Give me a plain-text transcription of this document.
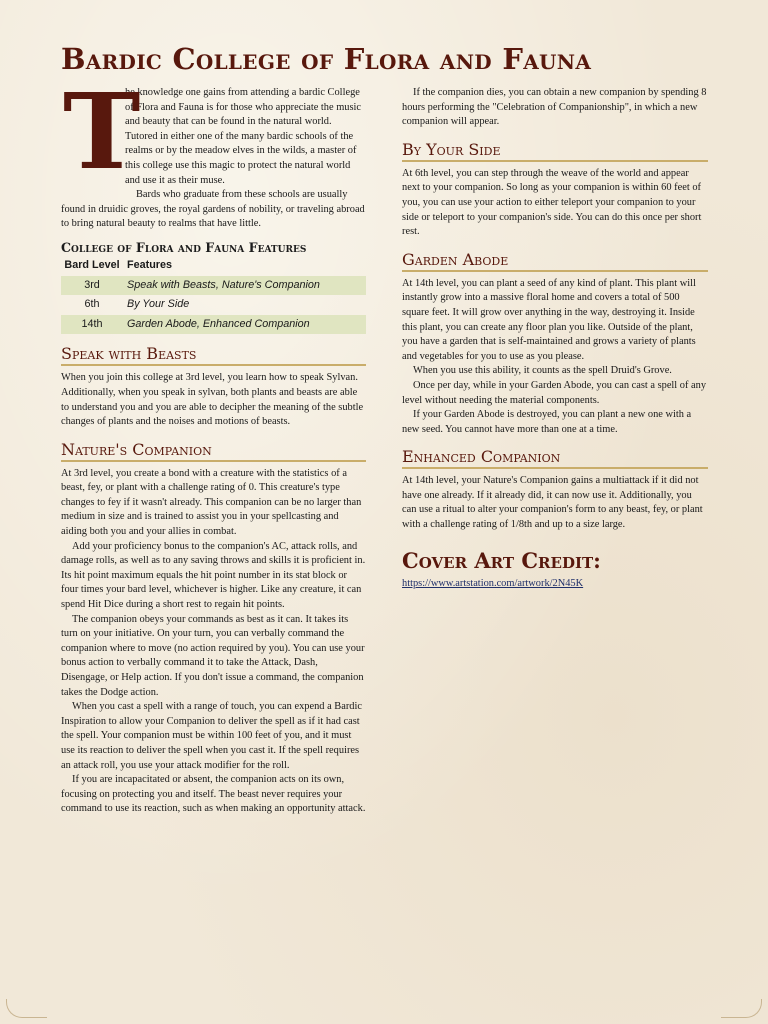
Bardic College of Flora and Fauna
T

he knowledge one gains from attending a bardic College of Flora and Fauna is for those who appreciate the music and beauty that can be found in the natural world. Tutored in either one of the many bardic schools of the realms or by the meadow elves in the wilds, a master of this college use this magic to protect the natural world and use it as their muse.

Bards who graduate from these schools are usually found in druidic groves, the royal gardens of nobility, or traveling abroad to bring natural beauty to realms that have little.

College of Flora and Fauna Features
Bard Level	Features
3rd	Speak with Beasts, Nature's Companion
6th	By Your Side
14th	Garden Abode, Enhanced Companion
Speak with Beasts

When you join this college at 3rd level, you learn how to speak Sylvan. Additionally, when you speak in sylvan, both plants and beasts are able to understand you and you are able to decipher the meaning of the subtle changes of plants and the noises and motions of beasts.

Nature's Companion

At 3rd level, you create a bond with a creature with the statistics of a beast, fey, or plant with a challenge rating of 0. This creature's type changes to fey if it wasn't already. This companion can be no larger than medium in size and is trained to assist you in your spellcasting and aiding both you and your allies in combat.

Add your proficiency bonus to the companion's AC, attack rolls, and damage rolls, as well as to any saving throws and skills it is proficient in. Its hit point maximum equals the hit point number in its stat block or four times your bard level, whichever is higher. Like any creature, it can spend Hit Dice during a short rest to regain hit points.

The companion obeys your commands as best as it can. It takes its turn on your initiative. On your turn, you can verbally command the companion where to move (no action required by you). You can use your bonus action to verbally command it to take the Attack, Dash, Disengage, or Help action. If you don't issue a command, the companion takes the Dodge action.

When you cast a spell with a range of touch, you can expend a Bardic Inspiration to allow your Companion to deliver the spell as if it had cast the spell. Your companion must be within 100 feet of you, and it must use its reaction to deliver the spell when you cast it. If the spell requires an attack roll, you use your attack modifier for the roll.

If you are incapacitated or absent, the companion acts on its own, focusing on protecting you and itself. The beast never requires your command to use its reaction, such as when making an opportunity attack.

If the companion dies, you can obtain a new companion by spending 8 hours performing the "Celebration of Companionship", in which a new companion will appear.

By Your Side

At 6th level, you can step through the weave of the world and appear next to your companion. So long as your companion is within 60 feet of you, you can use your action to either teleport your companion to your side or teleport to your companion's side. You can do this once per short rest.

Garden Abode

At 14th level, you can plant a seed of any kind of plant. This plant will instantly grow into a massive floral home and covers a total of 500 square feet. It will grow over anything in the way, destroying it. Inside this plant, you can create any floor plan you like. Outside of the plant, you have a garden that is self-maintained and grows a variety of plants and vegetables for you to use as you please.

When you use this ability, it counts as the spell Druid's Grove.

Once per day, while in your Garden Abode, you can cast a spell of any level without needing the material components.

If your Garden Abode is destroyed, you can plant a new one with a new seed. You cannot have more than one at a time.

Enhanced Companion

At 14th level, your Nature's Companion gains a multiattack if it did not have one already. If it already did, it can now use it. Additionally, you can use a ritual to alter your companion's form to any beast, fey, or plant with a challenge rating of 1/8th and up to a size large.

Cover Art Credit:
https://www.artstation.com/artwork/2N45K
